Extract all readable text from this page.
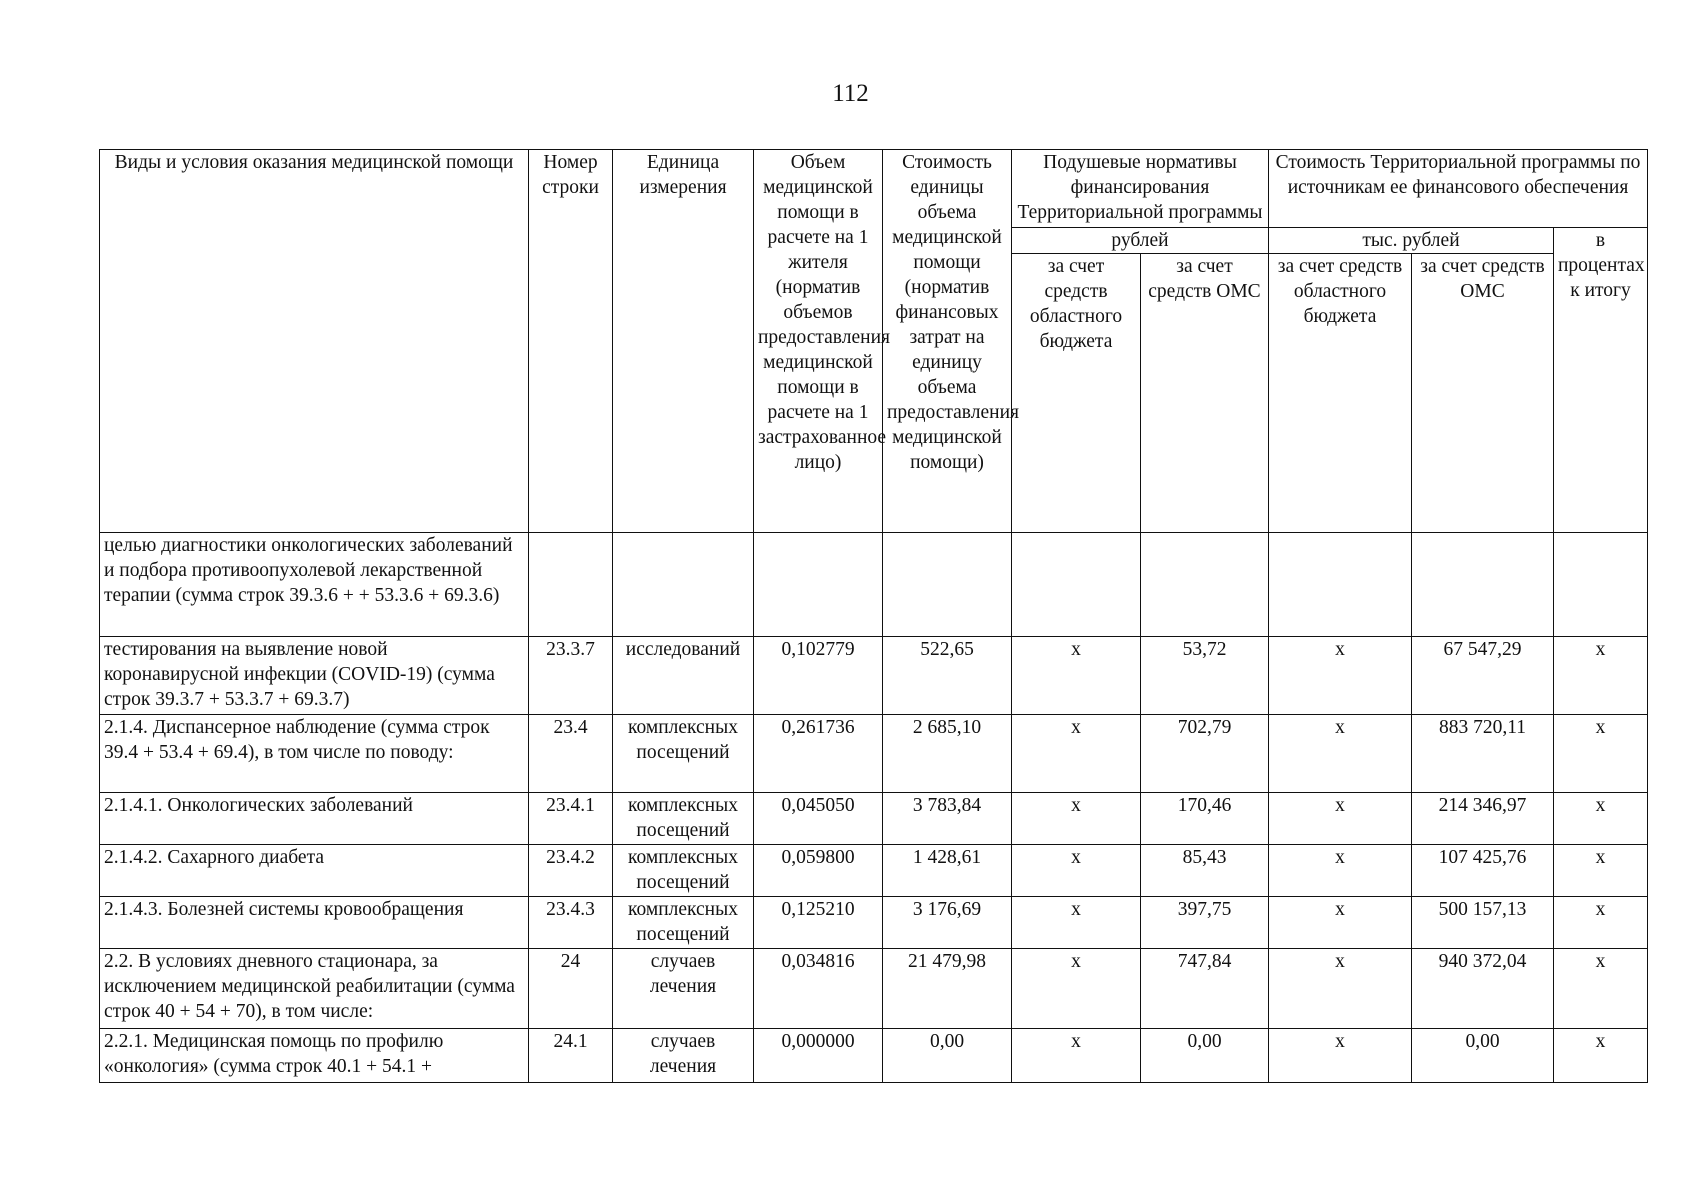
112
Виды и условия оказания медицинской помощи	Номер строки	Единица измерения	Объем медицинской помощи в расчете на 1 жителя (норматив объемов предоставления медицинской помощи в расчете на 1 застрахованное лицо)	Стоимость единицы объема медицинской помощи (норматив финансовых затрат на единицу объема предоставления медицинской помощи)	Подушевые нормативы финансирования Территориальной программы		Стоимость Территориальной программы по источникам ее финансового обеспечения		
					рублей		тыс. рублей		в процентах к итогу
					за счет средств областного бюджета	за счет средств ОМС	за счет средств областного бюджета	за счет средств ОМС	
целью диагностики онкологических заболеваний и подбора противоопухолевой лекарственной терапии (сумма строк 39.3.6 + + 53.3.6 + 69.3.6)									
тестирования на выявление новой коронавирусной инфекции (COVID-19) (сумма строк 39.3.7 + 53.3.7 + 69.3.7)	23.3.7	исследований	0,102779	522,65	x	53,72	x	67 547,29	x
2.1.4. Диспансерное наблюдение (сумма строк 39.4 + 53.4 + 69.4), в том числе по поводу:	23.4	комплексных посещений	0,261736	2 685,10	x	702,79	x	883 720,11	x
2.1.4.1. Онкологических заболеваний	23.4.1	комплексных посещений	0,045050	3 783,84	x	170,46	x	214 346,97	x
2.1.4.2. Сахарного диабета	23.4.2	комплексных посещений	0,059800	1 428,61	x	85,43	x	107 425,76	x
2.1.4.3. Болезней системы кровообращения	23.4.3	комплексных посещений	0,125210	3 176,69	x	397,75	x	500 157,13	x
2.2. В условиях дневного стационара, за исключением медицинской реабилитации (сумма строк 40 + 54 + 70), в том числе:	24	случаев лечения	0,034816	21 479,98	x	747,84	x	940 372,04	x
2.2.1. Медицинская помощь по профилю «онкология» (сумма строк 40.1 + 54.1 +	24.1	случаев лечения	0,000000	0,00	x	0,00	x	0,00	x
